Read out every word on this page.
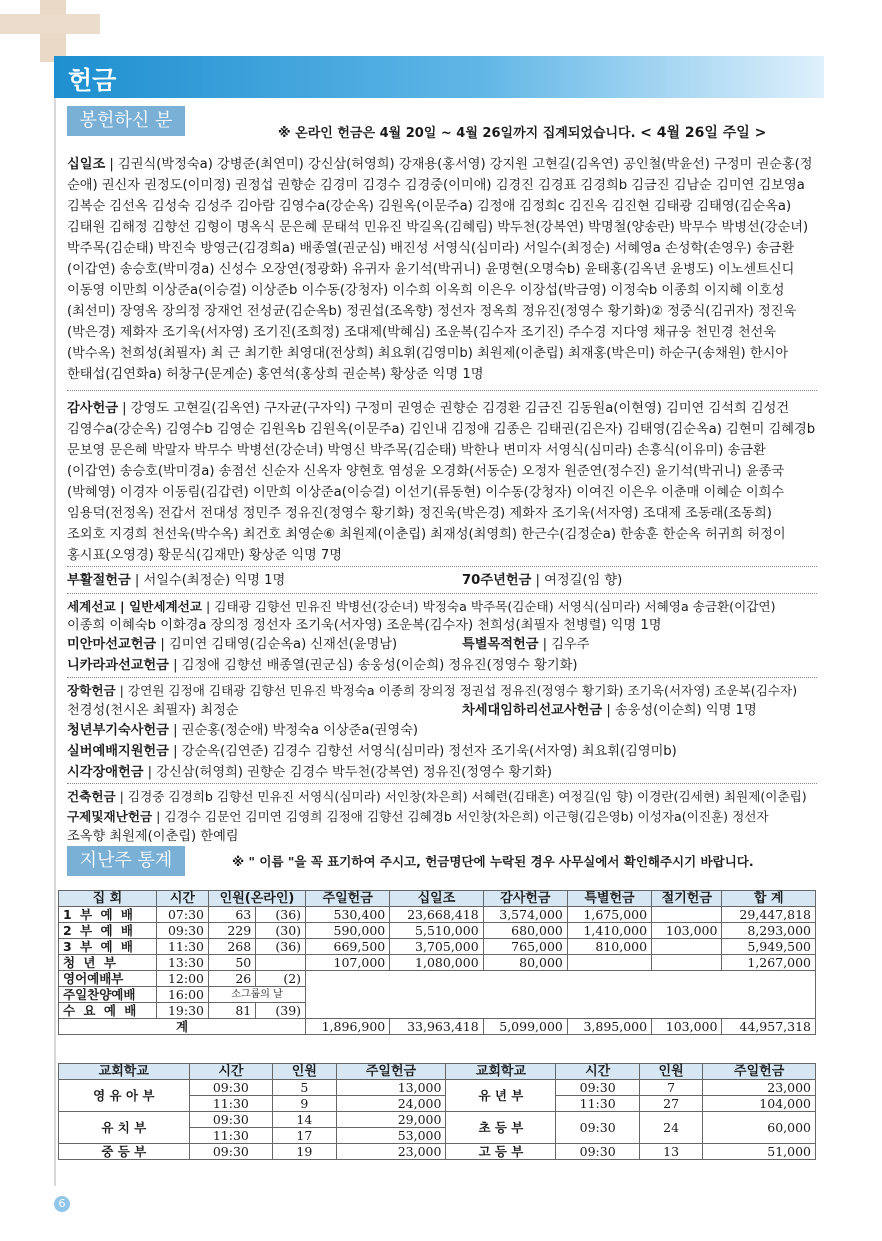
헌금
봉헌하신 분
※ 온라인 헌금은 4월 20일 ~ 4월 26일까지 집계되었습니다. < 4월 26일 주일 >

십일조 | 김권식(박정숙a) 강병준(최연미) 강신삼(허영희) 강재용(홍서영) 강지원 고현길(김옥연) 공인철(박윤선) 구정미 권순홍(정

순애) 권신자 권정도(이미정) 권정섭 권향순 김경미 김경수 김경중(이미애) 김경진 김경표 김경희b 김금진 김남순 김미연 김보영a

김복순 김선옥 김성숙 김성주 김아람 김영수a(강순옥) 김원옥(이문주a) 김정애 김정희c 김진옥 김진현 김태광 김태영(김순옥a)

김태원 김해정 김향선 김형이 명옥식 문은혜 문태석 민유진 박길옥(김혜림) 박두천(강복연) 박명철(양송란) 박무수 박병선(강순녀)

박주목(김순태) 박진숙 방영근(김경희a) 배종열(권군심) 배진성 서영식(심미라) 서일수(최정순) 서혜영a 손성학(손영우) 송금환

(이갑연) 송승호(박미경a) 신성수 오장연(정광화) 유귀자 윤기석(박귀니) 윤명현(오명숙b) 윤태홍(김옥년 윤병도) 이노센트신디

이동영 이만희 이상준a(이승걸) 이상준b 이수동(강청자) 이수희 이옥희 이은우 이장섭(박금영) 이정숙b 이종희 이지혜 이호성

(최선미) 장영옥 장의정 장재언 전성균(김순옥b) 정권섭(조옥향) 정선자 정옥희 정유진(정영수 황기화)② 정중식(김귀자) 정진욱

(박은경) 제화자 조기욱(서자영) 조기진(조희정) 조대제(박혜심) 조운복(김수자 조기진) 주수경 지다영 채규웅 천민경 천선욱

(박수옥) 천희성(최필자) 최 근 최기한 최영대(전상희) 최요휘(김영미b) 최원제(이춘립) 최재홍(박은미) 하순구(송채원) 한시아

한태섭(김연화a) 허창구(문계순) 홍연석(홍상희 권순복) 황상준 익명 1명

감사헌금 | 강영도 고현길(김옥연) 구자균(구자익) 구정미 권영순 권향순 김경환 김금진 김동원a(이현영) 김미연 김석희 김성건

김영수a(강순옥) 김영수b 김영순 김원옥b 김원옥(이문주a) 김인내 김정애 김종은 김태권(김은자) 김태영(김순옥a) 김현미 김혜경b

문보영 문은혜 박말자 박무수 박병선(강순녀) 박영신 박주목(김순태) 박한나 변미자 서영식(심미라) 손흥식(이유미) 송금환

(이갑연) 송승호(박미경a) 송점선 신순자 신옥자 양현호 염성윤 오경화(서동순) 오정자 원준연(정수진) 윤기석(박귀니) 윤종국

(박혜영) 이경자 이동림(김갑련) 이만희 이상준a(이승걸) 이선기(류동현) 이수동(강청자) 이여진 이은우 이춘매 이혜순 이희수

임용덕(전정옥) 전갑서 전대성 정민주 정유진(정영수 황기화) 정진욱(박은경) 제화자 조기욱(서자영) 조대제 조동래(조동희)

조외호 지경희 천선욱(박수옥) 최건호 최영순⑥ 최원제(이춘립) 최재성(최영희) 한근수(김정순a) 한송훈 한순옥 허귀희 허정이

홍시표(오영경) 황문식(김재만) 황상준 익명 7명

부활절헌금 | 서일수(최정순) 익명 1명	70주년헌금 | 여정길(임 향)
세계선교 | 일반세계선교 | 김태광 김향선 민유진 박병선(강순녀) 박정숙a 박주목(김순태) 서영식(심미라) 서혜영a 송금환(이갑연)
이종희 이혜숙b 이화경a 장의정 정선자 조기욱(서자영) 조운복(김수자) 천희성(최필자 천병렬) 익명 1명
미안마선교헌금 | 김미연 김태영(김순옥a) 신재선(윤명남)	특별목적헌금 | 김우주
니카라과선교헌금 | 김정애 김향선 배종열(권군심) 송웅성(이순희) 정유진(정영수 황기화)
장학헌금 | 강연원 김정애 김태광 김향선 민유진 박정숙a 이종희 장의정 정권섭 정유진(정영수 황기화) 조기욱(서자영) 조운복(김수자)
천경성(천시온 최필자) 최정순	차세대임하리선교사헌금 | 송웅성(이순희) 익명 1명
청년부기숙사헌금 | 권순홍(정순애) 박정숙a 이상준a(권영숙)
실버예배지원헌금 | 강순옥(김연준) 김경수 김향선 서영식(심미라) 정선자 조기욱(서자영) 최요휘(김영미b)
시각장애헌금 | 강신삼(허영희) 권향순 김경수 박두천(강복연) 정유진(정영수 황기화)
건축헌금 | 김경중 김경희b 김향선 민유진 서영식(심미라) 서인창(차은희) 서혜련(김태흔) 여정길(임 향) 이경란(김세현) 최원제(이춘립)
구제및재난헌금 | 김경수 김문언 김미연 김영희 김정애 김향선 김혜경b 서인창(차은희) 이근형(김은영b) 이성자a(이진훈) 정선자
조옥향 최원제(이춘립) 한예림
지난주 통계	※ " 이름 "을 꼭 표기하여 주시고, 헌금명단에 누락된 경우 사무실에서 확인해주시기 바랍니다.
집 회	시간	인원(온라인)		주일헌금	십일조	감사헌금	특별헌금	절기헌금	합 계
1 부 예 배	07:30	63	(36)	530,400	23,668,418	3,574,000	1,675,000		29,447,818
2 부 예 배	09:30	229	(30)	590,000	5,510,000	680,000	1,410,000	103,000	8,293,000
3 부 예 배	11:30	268	(36)	669,500	3,705,000	765,000	810,000		5,949,500
청 년 부	13:30	50		107,000	1,080,000	80,000			1,267,000
영어예배부	12:00	26	(2)						
주일찬양예배	16:00	소그룹의 날							
수 요 예 배	19:30	81	(39)						
계				1,896,900	33,963,418	5,099,000	3,895,000	103,000	44,957,318
교회학교	시간	인원	주일헌금	교회학교	시간	인원	주일헌금
영 유 아 부	09:30	5	13,000	유 년 부	09:30	7	23,000
	11:30	9	24,000		11:30	27	104,000
유 치 부	09:30	14	29,000	초 등 부	09:30	24	60,000
	11:30	17	53,000				
중 등 부	09:30	19	23,000	고 등 부	09:30	13	51,000
6
